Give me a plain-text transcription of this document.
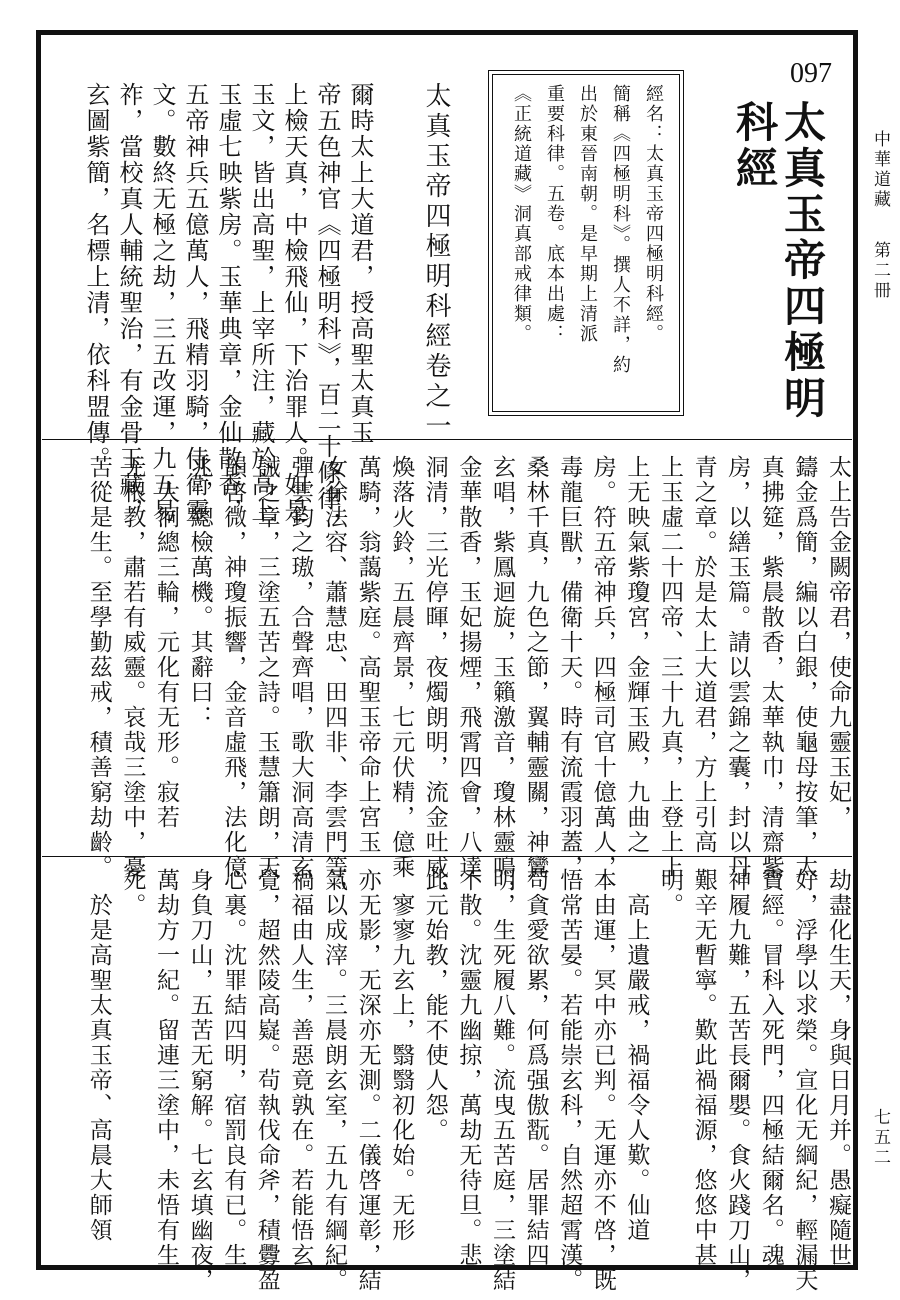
中華道藏  第二冊
七五二
097
太真玉帝四極明
科經
經名：太真玉帝四極明科經。
簡稱《四極明科》。撰人不詳，約
出於東晉南朝。是早期上清派
重要科律。五卷。底本出處：
《正統道藏》洞真部戒律類。
太真玉帝四極明科經卷之一
爾時太上大道君，授高聖太真玉
帝五色神官《四極明科》，百二十條律，
上檢天真，中檢飛仙，下治罪人。如是
玉文，皆出高聖，上宰所注，藏於高上
玉虛七映紫房。玉華典章，金仙散香，
五帝神兵五億萬人，飛精羽騎，侍衛靈
文。數終无極之劫，三五改運，九五易
祚，當校真人輔統聖治，有金骨玉藏，
玄圖紫簡，名標上清，依科盟傳。
太上告金闕帝君，使命九靈玉妃，
鑄金爲簡，編以白銀，使龜母按筆，太
真拂筵，紫晨散香，太華執巾，清齋紫
房，以繕玉篇。請以雲錦之囊，封以丹
青之章。於是太上大道君，方上引高
上玉虛二十四帝、三十九真，上登上上
上无映氣紫瓊宮，金輝玉殿，九曲之
房。符五帝神兵，四極司官十億萬人，
毒龍巨獸，備衛十天。時有流霞羽蓋，
桑林千真，九色之節，翼輔靈關，神鸞
玄唱，紫鳳迴旋，玉籟激音，瓊林靈鳴，
金華散香，玉妃揚煙，飛霄四會，八達
洞清，三光停暉，夜燭朗明，流金吐威，
煥落火鈴，五晨齊景，七元伏精，億乘
萬騎，翁藹紫庭。高聖玉帝命上宮玉
女徐法容、蕭慧忠、田四非、李雲門等，
彈雲鈞之璈，合聲齊唱，歌大洞高清玄
誡之章，三塗五苦之詩。玉慧簫朗，天
韻啓微，神瓊振響，金音虛飛，法化億
兆，總檢萬機。其辭曰：
　大洞總三輪，元化有无形。寂若
无根教，肅若有威靈。哀哉三塗中，憂
苦從是生。至學勤茲戒，積善窮劫齡。
劫盡化生天，身與日月并。愚癡隨世
好，浮學以求榮。宣化无綱紀，輕漏天
寶經。冒科入死門，四極結爾名。魂
神履九難，五苦長爾嬰。食火踐刀山，
艱辛无暫寧。歎此禍福源，悠悠中甚
明。
　高上遺嚴戒，禍福令人歎。仙道
本由運，冥中亦已判。无運亦不啓，既
悟常苦晏。若能崇玄科，自然超霄漢。
茍貪愛欲累，何爲强傲翫。居罪結四
明，生死履八難。流曳五苦庭，三塗結
不散。沈靈九幽掠，萬劫无待旦。悲
此元始教，能不使人怨。
　寥寥九玄上，翳翳初化始。无形
亦无影，无深亦无測。二儀啓運彰，結
氣以成滓。三晨朗玄室，五九有綱紀。
禍福由人生，善惡竟孰在。若能悟玄
覺，超然陵高嶷。茍執伐命斧，積釁盈
心裏。沈罪結四明，宿罰良有已。生
身負刀山，五苦无窮解。七玄填幽夜，
萬劫方一紀。留連三塗中，未悟有生
死。
　於是高聖太真玉帝、高晨大師領
